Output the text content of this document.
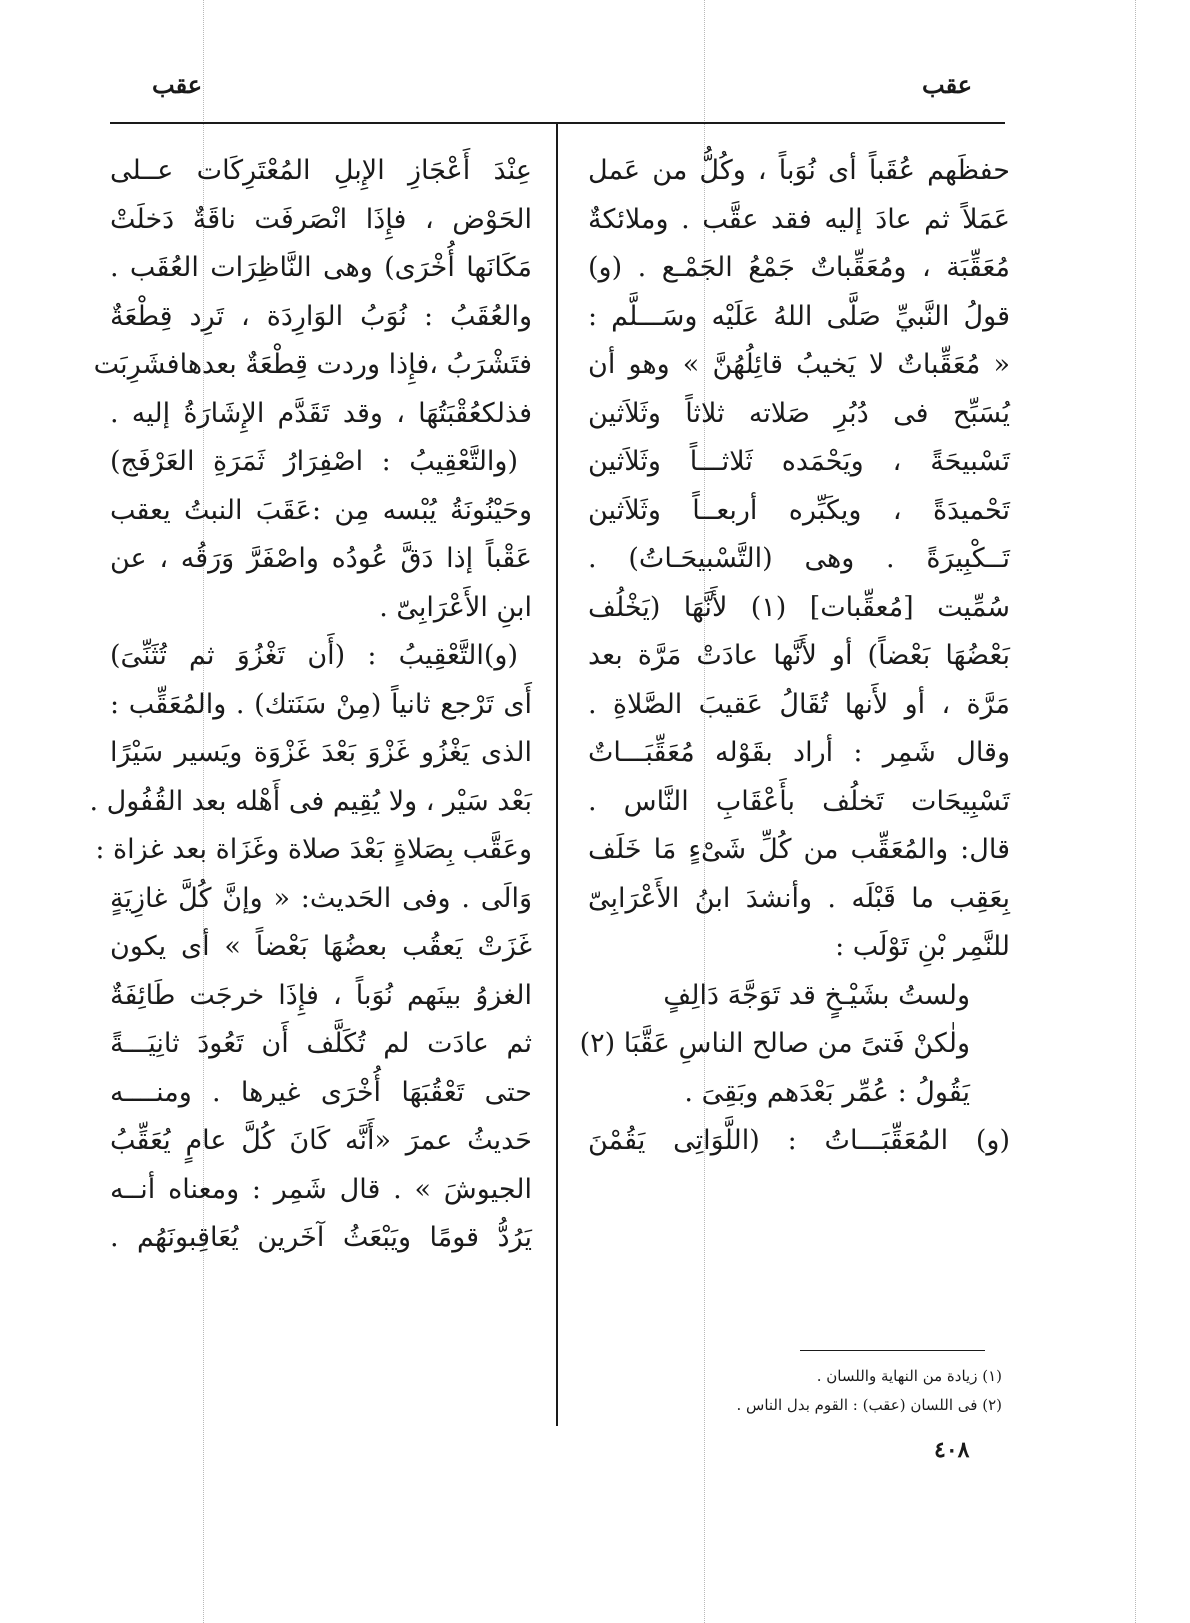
عقب
عقب
حفظَهم عُقَباً أى نُوَباً ، وكُلُّ من عَمل
عَمَلاً ثم عادَ إليه فقد عقَّب . وملائكةٌ
مُعَقِّبَة ، ومُعَقِّباتٌ جَمْعُ الجَمْـع . (و)
قولُ النَّبيِّ صَلَّى اللهُ عَلَيْه وسَـــلَّم :
« مُعَقِّباتٌ لا يَخيبُ قائِلُهُنَّ » وهو أن
يُسَبِّح فى دُبُرِ صَلاته ثلاثاً وثَلاَثين
تَسْبيحَةً ، ويَحْمَده ثَلاثـــاً وثَلاَثين
تَحْميدَةً ، ويكَبِّره أربعــاً وثَلاَثين
تَــكْبِيرَةً . وهى (التَّسْبيحَـاتُ) .
سُمِّيت [مُعقِّبات] (١) لأَنَّهَا (يَخْلُف
بَعْضُهَا بَعْضاً) أو لأَنَّها عادَتْ مَرَّة بعد
مَرَّة ، أو لأَنها تُقَالُ عَقيبَ الصَّلاةِ .
وقال شَمِر : أراد بقَوْله مُعَقِّبَـــاتٌ
تَسْبِيحَات تَخلُف بأَعْقَابِ النَّاس .
قال: والمُعَقِّب من كُلِّ شَىْءٍ مَا خَلَف
بِعَقِب ما قَبْلَه . وأنشدَ ابنُ الأَعْرَابِىّ
للنَّمِر بْنِ تَوْلَب :
ولستُ بشَيْـخٍ قد تَوَجَّهَ دَالِفٍ
ولٰكنْ فَتىً من صالح الناسِ عَقَّبَا (٢)
يَقُولُ : عُمِّر بَعْدَهم وبَقِىَ .
(و) المُعَقِّبَـــاتُ : (اللَّوَاتِى يَقُمْنَ
عِنْدَ أَعْجَازِ الإِبلِ المُعْتَرِكَات عــلى
الحَوْض ، فإِذَا انْصَرفَت ناقَةٌ دَخلَتْ
مَكَانَها أُخْرَى) وهى النَّاظِرَات العُقَب .
والعُقَبُ : نُوَبُ الوَارِدَة ، تَرِد قِطْعَةٌ
فتَشْرَبُ ،فإِذا وردت قِطْعَةٌ بعدهافشَرِبَت
فذلكعُقْبَتُهَا ، وقد تَقَدَّم الإِشَارَةُ إليه .
(والتَّعْقِيبُ : اصْفِرَارُ ثَمَرَةِ العَرْفَج)
وحَيْنُونَةُ يُبْسه مِن :عَقَبَ النبتُ يعقب
عَقْباً إذا دَقَّ عُودُه واصْفَرَّ وَرَقُه ، عن
ابنِ الأَعْرَابِىّ .
(و)التَّعْقِيبُ : (أَن تَغْزُوَ ثم تُثَنِّىَ)
أَى تَرْجع ثانياً (مِنْ سَنَتك) . والمُعَقِّب :
الذى يَغْزُو غَزْوَ بَعْدَ غَزْوَة ويَسير سَيْرًا
بَعْد سَيْر ، ولا يُقِيم فى أَهْله بعد القُفُول .
وعَقَّب بِصَلاةٍ بَعْدَ صلاة وغَزَاة بعد غزاة :
وَالَى . وفى الحَديث: « وإنَّ كُلَّ غازِيَةٍ
غَزَتْ يَعقُب بعضُهَا بَعْضاً » أى يكون
الغزوُ بينَهم نُوَباً ، فإِذَا خرجَت طَائِفَةٌ
ثم عادَت لم تُكَلَّف أَن تَعُودَ ثانِيَـــةً
حتى تَعْقُبَهَا أُخْرَى غيرها . ومنــــه
حَديثُ عمرَ «أَنَّه كَانَ كُلَّ عامٍ يُعَقِّبُ
الجيوشَ » . قال شَمِر : ومعناه أنــه
يَرُدُّ قومًا ويَبْعَثُ آخَرين يُعَاقِبونَهُم .
(١) زيادة من النهاية واللسان .
(٢) فى اللسان (عقب) : القوم بدل الناس .
٤٠٨
